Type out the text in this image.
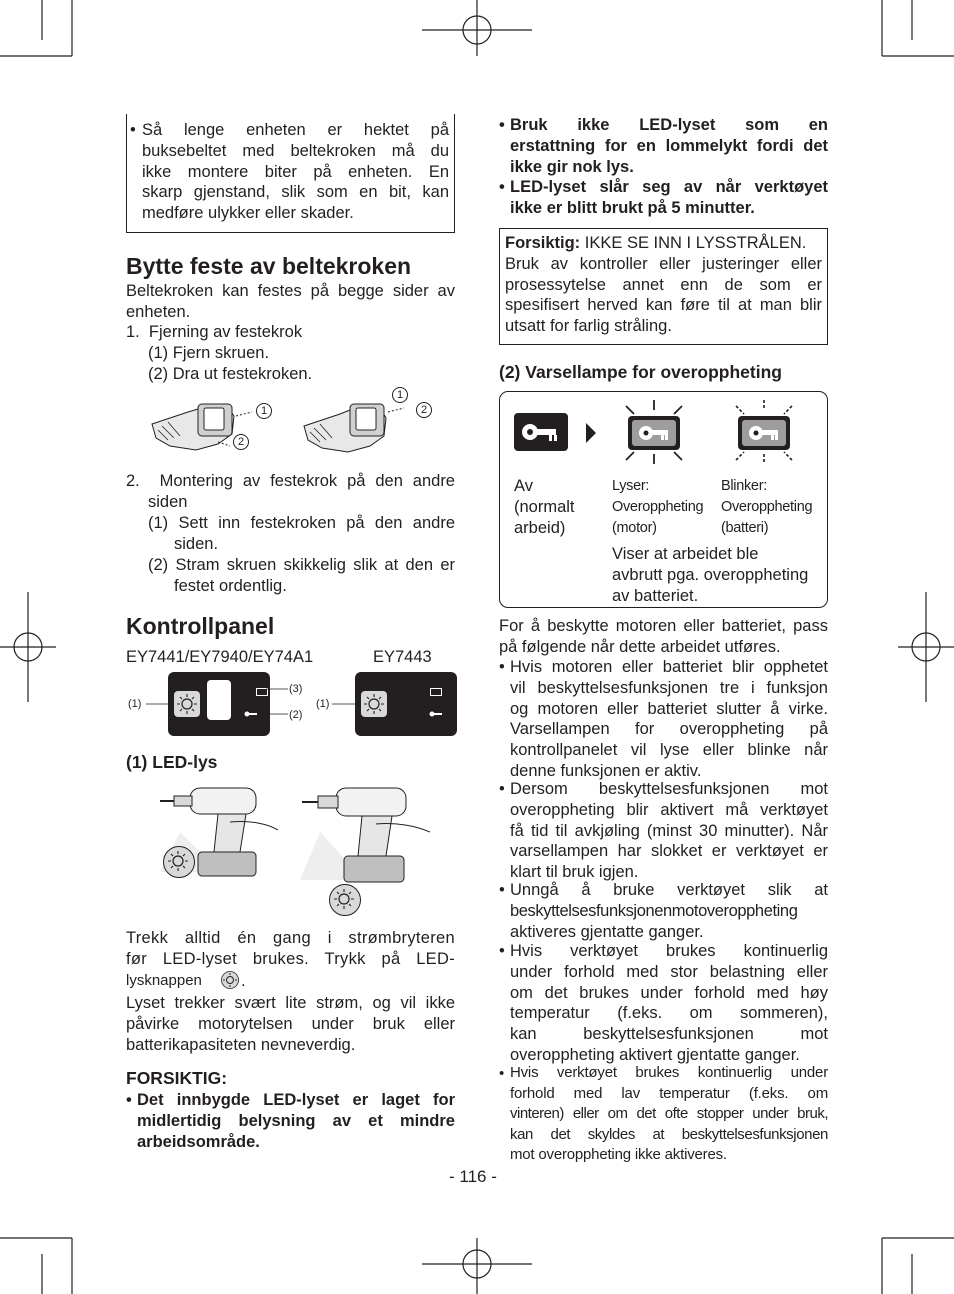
• Så lenge enheten er hektet på
buksebeltet med beltekroken må du
ikke montere biter på enheten. En
skarp gjenstand, slik som en bit, kan
medføre ulykker eller skader.
Bytte feste av beltekroken
Beltekroken kan festes på begge sider av
enheten.
1.  Fjerning av festekrok
(1) Fjern skruen.
(2) Dra ut festekroken.
1
2
1
2
2.  Montering av festekrok på den andre
siden
(1) Sett inn festekroken på den andre
siden.
(2) Stram skruen skikkelig slik at den er
festet ordentlig.
Kontrollpanel
EY7441/EY7940/EY74A1	EY7443
(1)
(3)
(2)
(1)
(1) LED-lys
Trekk alltid én gang i strømbryteren
før LED-lyset brukes. Trykk på LED-
lysknappen .
Lyset trekker svært lite strøm, og vil ikke
påvirke motorytelsen under bruk eller
batterikapasiteten nevneverdig.
FORSIKTIG:
• Det innbygde LED-lyset er laget for
midlertidig belysning av et mindre
arbeidsområde.
• Bruk ikke LED-lyset som en
erstattning for en lommelykt fordi det
ikke gir nok lys.
• LED-lyset slår seg av når verktøyet
ikke er blitt brukt på 5 minutter.
Forsiktig: IKKE SE INN I LYSSTRÅLEN.
Bruk av kontroller eller justeringer eller
prosessytelse annet enn de som er
spesifisert herved kan føre til at man blir
utsatt for farlig stråling.
(2) Varsellampe for overoppheting
Av
(normalt
arbeid)
Lyser:
Overoppheting
(motor)
Blinker:
Overoppheting
(batteri)
Viser at arbeidet ble
avbrutt pga. overoppheting
av batteriet.
For å beskytte motoren eller batteriet, pass
på følgende når dette arbeidet utføres.
• Hvis motoren eller batteriet blir opphetet
vil beskyttelsesfunksjonen tre i funksjon
og motoren eller batteriet slutter å virke.
Varsellampen for overoppheting på
kontrollpanelet vil lyse eller blinke når
denne funksjonen er aktiv.
• Dersom beskyttelsesfunksjonen mot
overoppheting blir aktivert må verktøyet
få tid til avkjøling (minst 30 minutter). Når
varsellampen har slokket er verktøyet er
klart til bruk igjen.
• Unngå å bruke verktøyet slik at
beskyttelsesfunksjonenmotoveroppheting
aktiveres gjentatte ganger.
• Hvis verktøyet brukes kontinuerlig
under forhold med stor belastning eller
om det brukes under forhold med høy
temperatur (f.eks. om sommeren),
kan beskyttelsesfunksjonen mot
overoppheting aktivert gjentatte ganger.
• Hvis verktøyet brukes kontinuerlig under
forhold med lav temperatur (f.eks. om
vinteren) eller om det ofte stopper under bruk,
kan det skyldes at beskyttelsesfunksjonen
mot overoppheting ikke aktiveres.
- 116 -
